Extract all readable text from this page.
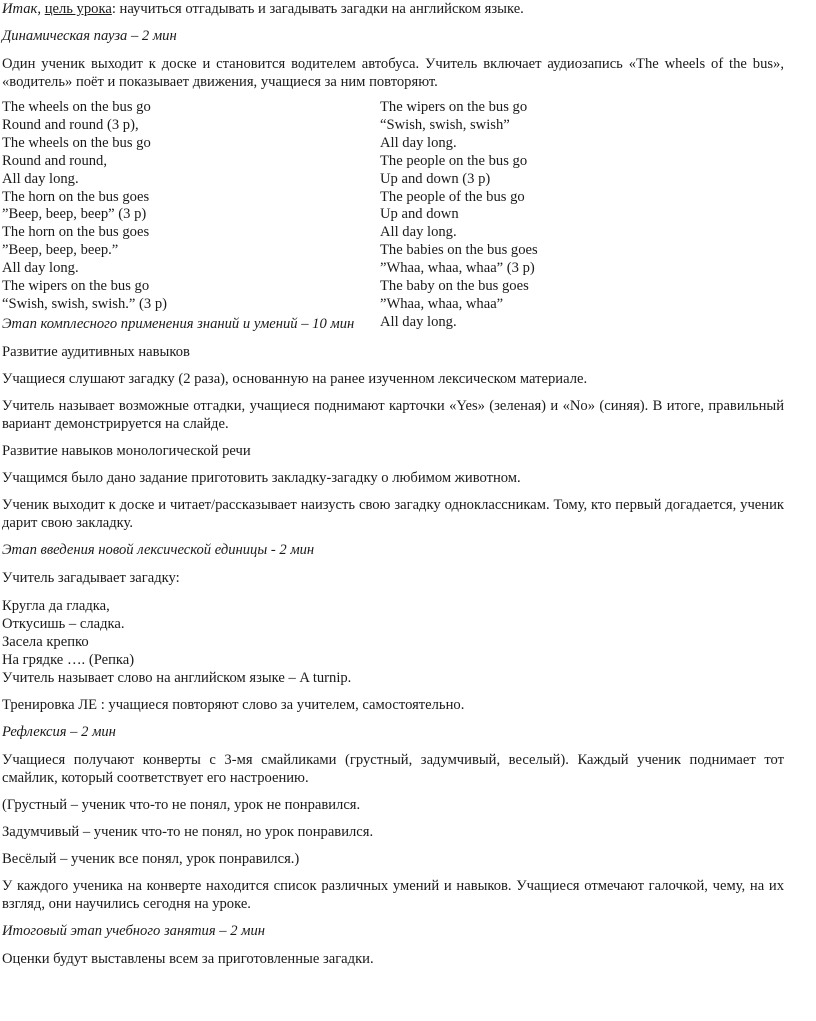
Итак, цель урока: научиться отгадывать и загадывать загадки на английском языке.

Динамическая пауза – 2 мин

Один ученик выходит к доске и становится водителем автобуса. Учитель включает аудиозапись «The wheels of the bus», «водитель» поёт и показывает движения, учащиеся за ним повторяют.

The wheels on the bus go
Round and round (3 p),
The wheels on the bus go
Round and round,
All day long.
The horn on the bus goes
”Beep, beep, beep” (3 p)
The horn on the bus goes
”Beep, beep, beep.”
All day long.
The wipers on the bus go
“Swish, swish, swish.” (3 p)
The wipers on the bus go
“Swish, swish, swish”
All day long.
The people on the bus go
Up and down (3 p)
The people of the bus go
Up and down
All day long.
The babies on the bus goes
”Whaa, whaa, whaa” (3 p)
The baby on the bus goes
”Whaa, whaa, whaa”
All day long.

Этап комплесного применения знаний и умений – 10 мин

Развитие аудитивных навыков

Учащиеся слушают загадку (2 раза), основанную на ранее изученном лексическом материале.

Учитель называет возможные отгадки, учащиеся поднимают карточки «Yes» (зеленая) и «No» (синяя). В итоге, правильный вариант демонстрируется на слайде.

Развитие навыков монологической речи

Учащимся было дано задание приготовить закладку-загадку о любимом животном.

Ученик выходит к доске и читает/рассказывает наизусть свою загадку одноклассникам. Тому, кто первый догадается, ученик дарит свою закладку.

Этап введения новой лексической единицы - 2 мин

Учитель загадывает загадку:

Кругла да гладка,
Откусишь – сладка.
Засела крепко
На грядке …. (Репка)
Учитель называет слово на английском языке – A turnip.

Тренировка ЛЕ : учащиеся повторяют слово за учителем, самостоятельно.

Рефлексия – 2 мин

Учащиеся получают конверты с 3-мя смайликами (грустный, задумчивый, веселый). Каждый ученик поднимает тот смайлик, который соответствует его настроению.

(Грустный – ученик что-то не понял, урок не понравился.

Задумчивый – ученик что-то не понял, но урок понравился.

Весёлый – ученик все понял, урок понравился.)

У каждого ученика на конверте находится список различных умений и навыков. Учащиеся отмечают галочкой, чему, на их взгляд, они научились сегодня на уроке.

Итоговый этап учебного занятия – 2 мин

Оценки будут выставлены всем за приготовленные загадки.
